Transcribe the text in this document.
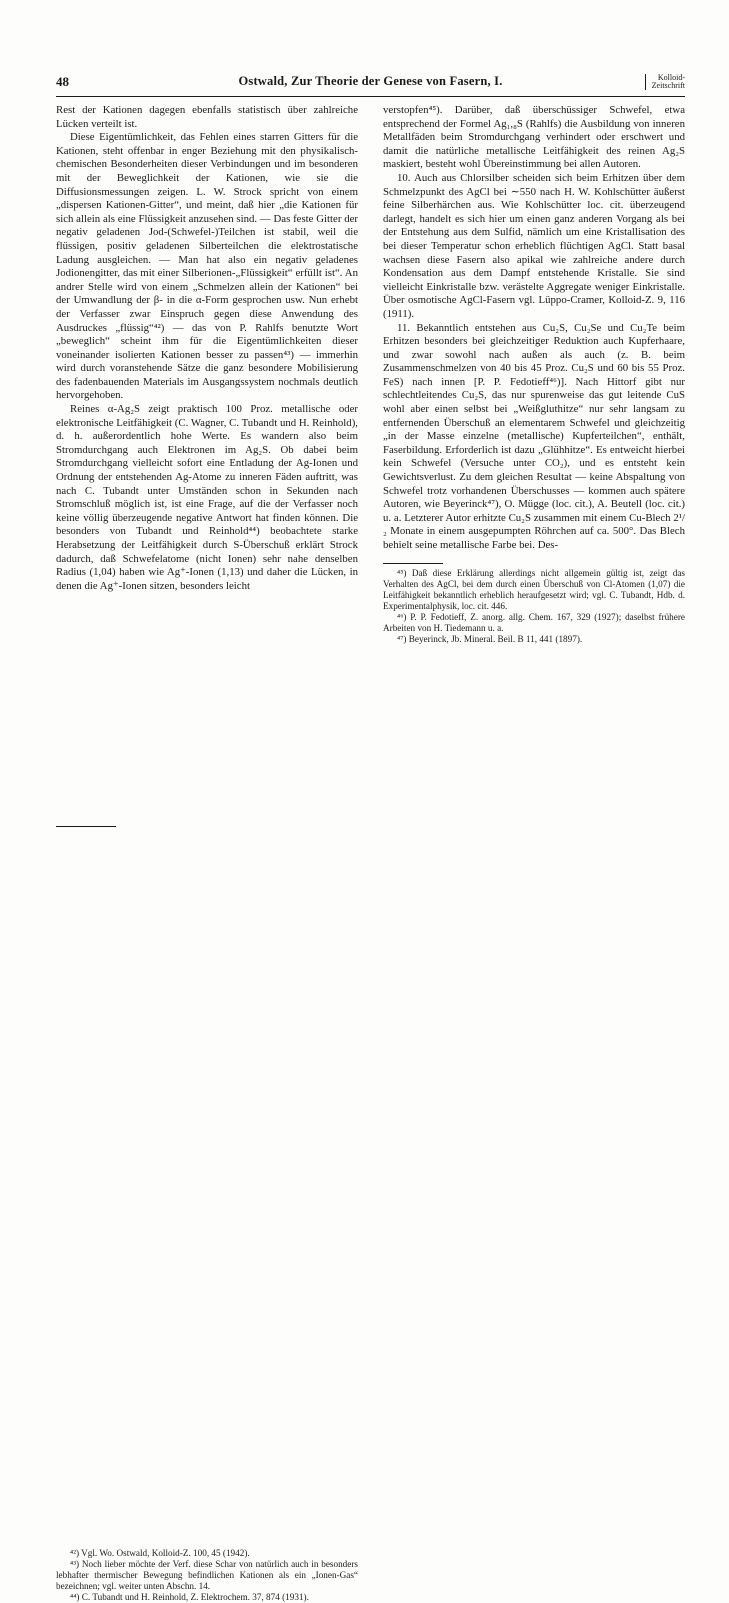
48	Ostwald, Zur Theorie der Genese von Fasern, I.	Kolloid-
Zeitschrift

Rest der Kationen dagegen ebenfalls statistisch über zahlreiche Lücken verteilt ist.

Diese Eigentümlichkeit, das Fehlen eines starren Gitters für die Kationen, steht offenbar in enger Beziehung mit den physikalisch-chemischen Besonderheiten dieser Verbindungen und im besonderen mit der Beweglichkeit der Kationen, wie sie die Diffusionsmessungen zeigen. L. W. Strock spricht von einem „dispersen Kationen-Gitter“, und meint, daß hier „die Kationen für sich allein als eine Flüssigkeit anzusehen sind. — Das feste Gitter der negativ geladenen Jod-(Schwefel-)Teilchen ist stabil, weil die flüssigen, positiv geladenen Silberteilchen die elektrostatische Ladung ausgleichen. — Man hat also ein negativ geladenes Jodionengitter, das mit einer Silberionen-„Flüssigkeit“ erfüllt ist“. An andrer Stelle wird von einem „Schmelzen allein der Kationen“ bei der Umwandlung der β- in die α-Form gesprochen usw. Nun erhebt der Verfasser zwar Einspruch gegen diese Anwendung des Ausdruckes „flüssig“⁴²) — das von P. Rahlfs benutzte Wort „beweglich“ scheint ihm für die Eigentümlichkeiten dieser voneinander isolierten Kationen besser zu passen⁴³) — immerhin wird durch voranstehende Sätze die ganz besondere Mobilisierung des fadenbauenden Materials im Ausgangssystem nochmals deutlich hervorgehoben.

Reines α-Ag₂S zeigt praktisch 100 Proz. metallische oder elektronische Leitfähigkeit (C. Wagner, C. Tubandt und H. Reinhold), d. h. außerordentlich hohe Werte. Es wandern also beim Stromdurchgang auch Elektronen im Ag₂S. Ob dabei beim Stromdurchgang vielleicht sofort eine Entladung der Ag-Ionen und Ordnung der entstehenden Ag-Atome zu inneren Fäden auftritt, was nach C. Tubandt unter Umständen schon in Sekunden nach Stromschluß möglich ist, ist eine Frage, auf die der Verfasser noch keine völlig überzeugende negative Antwort hat finden können. Die besonders von Tubandt und Reinhold⁴⁴) beobachtete starke Herabsetzung der Leitfähigkeit durch S-Überschuß erklärt Strock dadurch, daß Schwefelatome (nicht Ionen) sehr nahe denselben Radius (1,04) haben wie Ag⁺-Ionen (1,13) und daher die Lücken, in denen die Ag⁺-Ionen sitzen, besonders leicht

⁴²) Vgl. Wo. Ostwald, Kolloid-Z. 100, 45 (1942).

⁴³) Noch lieber möchte der Verf. diese Schar von natürlich auch in besonders lebhafter thermischer Bewegung befindlichen Kationen als ein „Ionen-Gas“ bezeichnen; vgl. weiter unten Abschn. 14.

⁴⁴) C. Tubandt und H. Reinhold, Z. Elektrochem. 37, 874 (1931).

verstopfen⁴⁵). Darüber, daß überschüssiger Schwefel, etwa entsprechend der Formel Ag₁,₈S (Rahlfs) die Ausbildung von inneren Metallfäden beim Stromdurchgang verhindert oder erschwert und damit die natürliche metallische Leitfähigkeit des reinen Ag₂S maskiert, besteht wohl Übereinstimmung bei allen Autoren.

10. Auch aus Chlorsilber scheiden sich beim Erhitzen über dem Schmelzpunkt des AgCl bei ∼550 nach H. W. Kohlschütter äußerst feine Silberhärchen aus. Wie Kohlschütter loc. cit. überzeugend darlegt, handelt es sich hier um einen ganz anderen Vorgang als bei der Entstehung aus dem Sulfid, nämlich um eine Kristallisation des bei dieser Temperatur schon erheblich flüchtigen AgCl. Statt basal wachsen diese Fasern also apikal wie zahlreiche andere durch Kondensation aus dem Dampf entstehende Kristalle. Sie sind vielleicht Einkristalle bzw. verästelte Aggregate weniger Einkristalle. Über osmotische AgCl-Fasern vgl. Lüppo-Cramer, Kolloid-Z. 9, 116 (1911).

11. Bekanntlich entstehen aus Cu₂S, Cu₂Se und Cu₂Te beim Erhitzen besonders bei gleichzeitiger Reduktion auch Kupferhaare, und zwar sowohl nach außen als auch (z. B. beim Zusammenschmelzen von 40 bis 45 Proz. Cu₂S und 60 bis 55 Proz. FeS) nach innen [P. P. Fedotieff⁴⁶)]. Nach Hittorf gibt nur schlechtleitendes Cu₂S, das nur spurenweise das gut leitende CuS wohl aber einen selbst bei „Weißgluthitze“ nur sehr langsam zu entfernenden Überschuß an elementarem Schwefel und gleichzeitig „in der Masse einzelne (metallische) Kupferteilchen“, enthält, Faserbildung. Erforderlich ist dazu „Glühhitze“. Es entweicht hierbei kein Schwefel (Versuche unter CO₂), und es entsteht kein Gewichtsverlust. Zu dem gleichen Resultat — keine Abspaltung von Schwefel trotz vorhandenen Überschusses — kommen auch spätere Autoren, wie Beyerinck⁴⁷), O. Mügge (loc. cit.), A. Beutell (loc. cit.) u. a. Letzterer Autor erhitzte Cu₂S zusammen mit einem Cu-Blech 2¹/₂ Monate in einem ausgepumpten Röhrchen auf ca. 500°. Das Blech behielt seine metallische Farbe bei. Des-

⁴⁵) Daß diese Erklärung allerdings nicht allgemein gültig ist, zeigt das Verhalten des AgCl, bei dem durch einen Überschuß von Cl-Atomen (1,07) die Leitfähigkeit bekanntlich erheblich heraufgesetzt wird; vgl. C. Tubandt, Hdb. d. Experimentalphysik, loc. cit. 446.

⁴⁶) P. P. Fedotieff, Z. anorg. allg. Chem. 167, 329 (1927); daselbst frühere Arbeiten von H. Tiedemann u. a.

⁴⁷) Beyerinck, Jb. Mineral. Beil. B 11, 441 (1897).
